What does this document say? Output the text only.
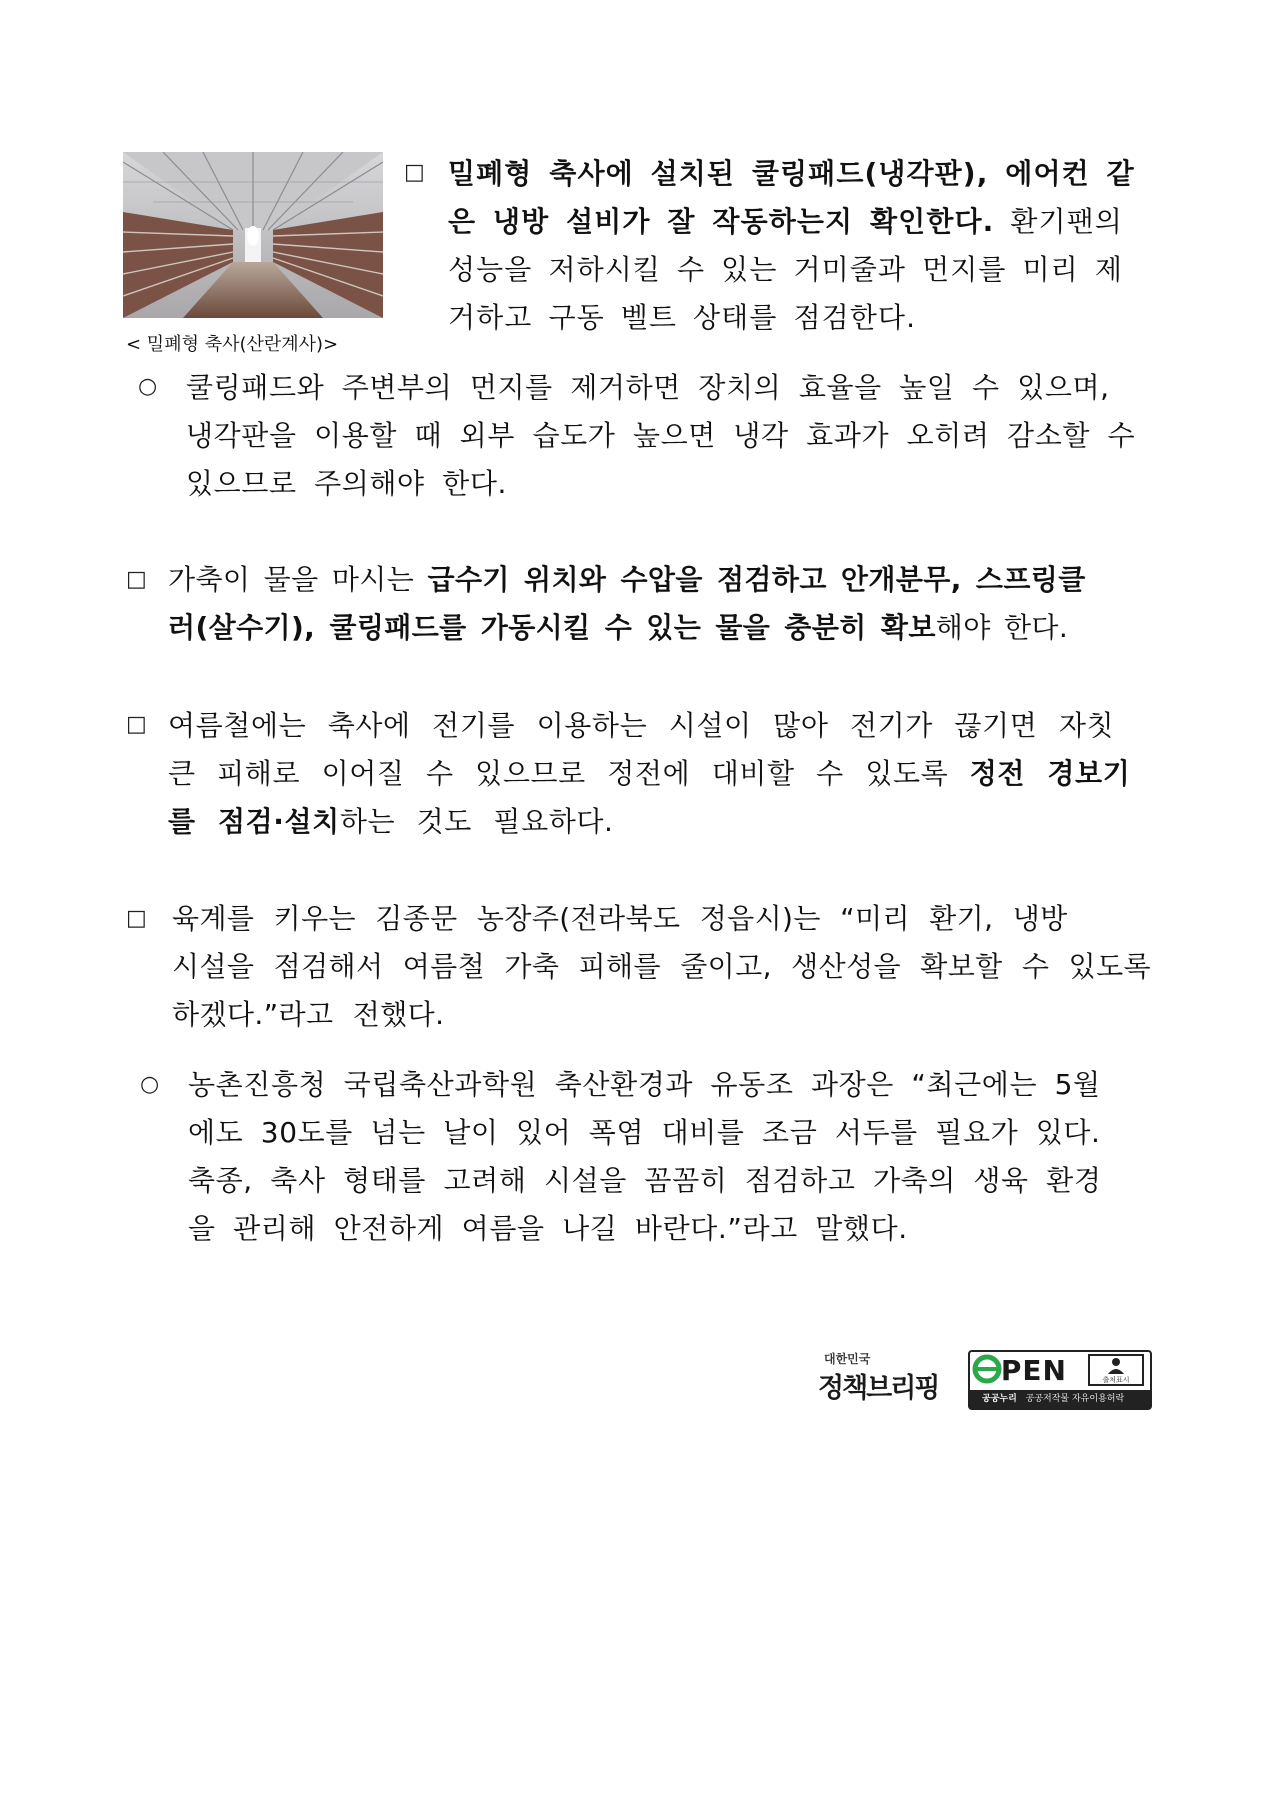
< 밀폐형 축사(산란계사)>
□ 밀폐형 축사에 설치된 쿨링패드(냉각판), 에어컨 같
은 냉방 설비가 잘 작동하는지 확인한다. 환기팬의
성능을 저하시킬 수 있는 거미줄과 먼지를 미리 제
거하고 구동 벨트 상태를 점검한다.
○ 쿨링패드와 주변부의 먼지를 제거하면 장치의 효율을 높일 수 있으며,
냉각판을 이용할 때 외부 습도가 높으면 냉각 효과가 오히려 감소할 수
있으므로 주의해야 한다.
□ 가축이 물을 마시는 급수기 위치와 수압을 점검하고 안개분무, 스프링클
러(살수기), 쿨링패드를 가동시킬 수 있는 물을 충분히 확보해야 한다.
□ 여름철에는 축사에 전기를 이용하는 시설이 많아 전기가 끊기면 자칫
큰 피해로 이어질 수 있으므로 정전에 대비할 수 있도록 정전 경보기
를 점검·설치하는 것도 필요하다.
□ 육계를 키우는 김종문 농장주(전라북도 정읍시)는 “미리 환기, 냉방
시설을 점검해서 여름철 가축 피해를 줄이고, 생산성을 확보할 수 있도록
하겠다.”라고 전했다.
○ 농촌진흥청 국립축산과학원 축산환경과 유동조 과장은 “최근에는 5월
에도 30도를 넘는 날이 있어 폭염 대비를 조금 서두를 필요가 있다.
축종, 축사 형태를 고려해 시설을 꼼꼼히 점검하고 가축의 생육 환경
을 관리해 안전하게 여름을 나길 바란다.”라고 말했다.
대한민국
정책브리핑
PEN	출처표시
공공누리 공공저작물 자유이용허락
